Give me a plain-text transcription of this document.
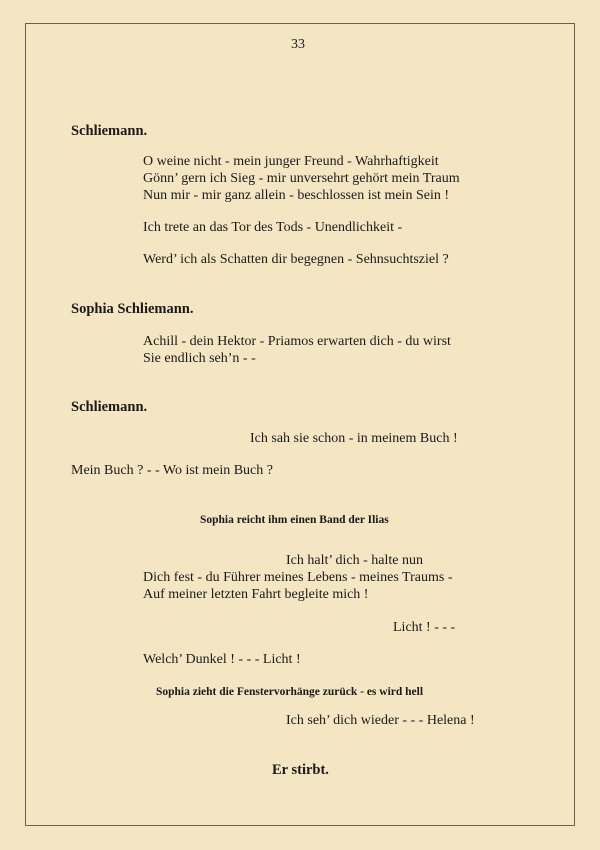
33
Schliemann.
O weine nicht - mein junger Freund - Wahrhaftigkeit
Gönn’ gern ich Sieg - mir unversehrt gehört mein Traum
Nun mir - mir ganz allein - beschlossen ist mein Sein !
Ich trete an das Tor des Tods - Unendlichkeit -
Werd’ ich als Schatten dir begegnen - Sehnsuchtsziel ?
Sophia Schliemann.
Achill - dein Hektor - Priamos erwarten dich - du wirst
Sie endlich seh’n - -
Schliemann.
Ich sah sie schon - in meinem Buch !
Mein Buch ? - - Wo ist mein Buch ?
Sophia reicht ihm einen Band der Ilias
Ich halt’ dich - halte nun
Dich fest - du Führer meines Lebens - meines Traums -
Auf meiner letzten Fahrt begleite mich !
Licht ! - - -
Welch’ Dunkel ! - - - Licht !
Sophia zieht die Fenstervorhänge zurück - es wird hell
Ich seh’ dich wieder - - - Helena !
Er stirbt.
